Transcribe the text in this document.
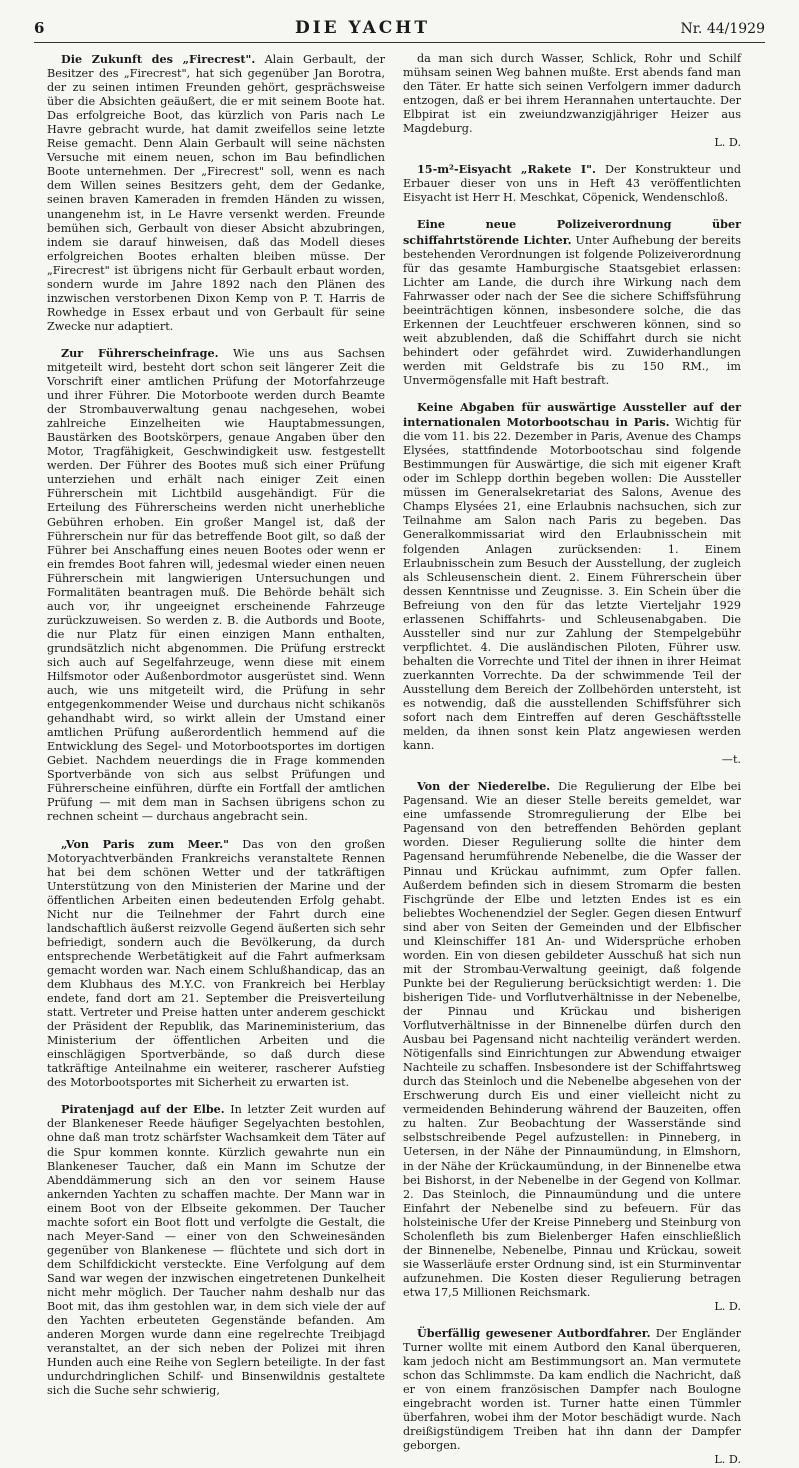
6	DIE YACHT	Nr. 44/1929

Die Zukunft des „Firecrest". Alain Gerbault, der Besitzer des „Firecrest", hat sich gegenüber Jan Borotra, der zu seinen intimen Freunden gehört, gesprächsweise über die Absichten geäußert, die er mit seinem Boote hat. Das erfolgreiche Boot, das kürzlich von Paris nach Le Havre gebracht wurde, hat damit zweifellos seine letzte Reise gemacht. Denn Alain Gerbault will seine nächsten Versuche mit einem neuen, schon im Bau befindlichen Boote unternehmen. Der „Firecrest" soll, wenn es nach dem Willen seines Besitzers geht, dem der Gedanke, seinen braven Kameraden in fremden Händen zu wissen, unangenehm ist, in Le Havre versenkt werden. Freunde bemühen sich, Gerbault von dieser Absicht abzubringen, indem sie darauf hinweisen, daß das Modell dieses erfolgreichen Bootes erhalten bleiben müsse. Der „Firecrest" ist übrigens nicht für Gerbault erbaut worden, sondern wurde im Jahre 1892 nach den Plänen des inzwischen verstorbenen Dixon Kemp von P. T. Harris de Rowhedge in Essex erbaut und von Gerbault für seine Zwecke nur adaptiert.

Zur Führerscheinfrage. Wie uns aus Sachsen mitgeteilt wird, besteht dort schon seit längerer Zeit die Vorschrift einer amtlichen Prüfung der Motorfahrzeuge und ihrer Führer. Die Motorboote werden durch Beamte der Strombauverwaltung genau nachgesehen, wobei zahlreiche Einzelheiten wie Hauptabmessungen, Baustärken des Bootskörpers, genaue Angaben über den Motor, Tragfähigkeit, Geschwindigkeit usw. festgestellt werden. Der Führer des Bootes muß sich einer Prüfung unterziehen und erhält nach einiger Zeit einen Führerschein mit Lichtbild ausgehändigt. Für die Erteilung des Führerscheins werden nicht unerhebliche Gebühren erhoben. Ein großer Mangel ist, daß der Führerschein nur für das betreffende Boot gilt, so daß der Führer bei Anschaffung eines neuen Bootes oder wenn er ein fremdes Boot fahren will, jedesmal wieder einen neuen Führerschein mit langwierigen Untersuchungen und Formalitäten beantragen muß. Die Behörde behält sich auch vor, ihr ungeeignet erscheinende Fahrzeuge zurückzuweisen. So werden z. B. die Autbords und Boote, die nur Platz für einen einzigen Mann enthalten, grundsätzlich nicht abgenommen. Die Prüfung erstreckt sich auch auf Segelfahrzeuge, wenn diese mit einem Hilfsmotor oder Außenbordmotor ausgerüstet sind. Wenn auch, wie uns mitgeteilt wird, die Prüfung in sehr entgegenkommender Weise und durchaus nicht schikanös gehandhabt wird, so wirkt allein der Umstand einer amtlichen Prüfung außerordentlich hemmend auf die Entwicklung des Segel- und Motorbootsportes im dortigen Gebiet. Nachdem neuerdings die in Frage kommenden Sportverbände von sich aus selbst Prüfungen und Führerscheine einführen, dürfte ein Fortfall der amtlichen Prüfung — mit dem man in Sachsen übrigens schon zu rechnen scheint — durchaus angebracht sein.

„Von Paris zum Meer." Das von den großen Motoryachtverbänden Frankreichs veranstaltete Rennen hat bei dem schönen Wetter und der tatkräftigen Unterstützung von den Ministerien der Marine und der öffentlichen Arbeiten einen bedeutenden Erfolg gehabt. Nicht nur die Teilnehmer der Fahrt durch eine landschaftlich äußerst reizvolle Gegend äußerten sich sehr befriedigt, sondern auch die Bevölkerung, da durch entsprechende Werbetätigkeit auf die Fahrt aufmerksam gemacht worden war. Nach einem Schlußhandicap, das an dem Klubhaus des M.Y.C. von Frankreich bei Herblay endete, fand dort am 21. September die Preisverteilung statt. Vertreter und Preise hatten unter anderem geschickt der Präsident der Republik, das Marineministerium, das Ministerium der öffentlichen Arbeiten und die einschlägigen Sportverbände, so daß durch diese tatkräftige Anteilnahme ein weiterer, rascherer Aufstieg des Motorbootsportes mit Sicherheit zu erwarten ist.

Piratenjagd auf der Elbe. In letzter Zeit wurden auf der Blankeneser Reede häufiger Segelyachten bestohlen, ohne daß man trotz schärfster Wachsamkeit dem Täter auf die Spur kommen konnte. Kürzlich gewahrte nun ein Blankeneser Taucher, daß ein Mann im Schutze der Abenddämmerung sich an den vor seinem Hause ankernden Yachten zu schaffen machte. Der Mann war in einem Boot von der Elbseite gekommen. Der Taucher machte sofort ein Boot flott und verfolgte die Gestalt, die nach Meyer-Sand — einer von den Schweinesänden gegenüber von Blankenese — flüchtete und sich dort in dem Schilfdickicht versteckte. Eine Verfolgung auf dem Sand war wegen der inzwischen eingetretenen Dunkelheit nicht mehr möglich. Der Taucher nahm deshalb nur das Boot mit, das ihm gestohlen war, in dem sich viele der auf den Yachten erbeuteten Gegenstände befanden. Am anderen Morgen wurde dann eine regelrechte Treibjagd veranstaltet, an der sich neben der Polizei mit ihren Hunden auch eine Reihe von Seglern beteiligte. In der fast undurchdringlichen Schilf- und Binsenwildnis gestaltete sich die Suche sehr schwierig,

da man sich durch Wasser, Schlick, Rohr und Schilf mühsam seinen Weg bahnen mußte. Erst abends fand man den Täter. Er hatte sich seinen Verfolgern immer dadurch entzogen, daß er bei ihrem Herannahen untertauchte. Der Elbpirat ist ein zweiundzwanzigjähriger Heizer aus Magdeburg.
L. D.

15-m²-Eisyacht „Rakete I". Der Konstrukteur und Erbauer dieser von uns in Heft 43 veröffentlichten Eisyacht ist Herr H. Meschkat, Cöpenick, Wendenschloß.

Eine neue Polizeiverordnung über schiffahrtstörende Lichter. Unter Aufhebung der bereits bestehenden Verordnungen ist folgende Polizeiverordnung für das gesamte Hamburgische Staatsgebiet erlassen: Lichter am Lande, die durch ihre Wirkung nach dem Fahrwasser oder nach der See die sichere Schiffsführung beeinträchtigen können, insbesondere solche, die das Erkennen der Leuchtfeuer erschweren können, sind so weit abzublenden, daß die Schiffahrt durch sie nicht behindert oder gefährdet wird. Zuwiderhandlungen werden mit Geldstrafe bis zu 150 RM., im Unvermögensfalle mit Haft bestraft.

Keine Abgaben für auswärtige Aussteller auf der internationalen Motorbootschau in Paris. Wichtig für die vom 11. bis 22. Dezember in Paris, Avenue des Champs Elysées, stattfindende Motorbootschau sind folgende Bestimmungen für Auswärtige, die sich mit eigener Kraft oder im Schlepp dorthin begeben wollen: Die Aussteller müssen im Generalsekretariat des Salons, Avenue des Champs Elysées 21, eine Erlaubnis nachsuchen, sich zur Teilnahme am Salon nach Paris zu begeben. Das Generalkommissariat wird den Erlaubnisschein mit folgenden Anlagen zurücksenden: 1. Einem Erlaubnisschein zum Besuch der Ausstellung, der zugleich als Schleusenschein dient. 2. Einem Führerschein über dessen Kenntnisse und Zeugnisse. 3. Ein Schein über die Befreiung von den für das letzte Vierteljahr 1929 erlassenen Schiffahrts- und Schleusenabgaben. Die Aussteller sind nur zur Zahlung der Stempelgebühr verpflichtet. 4. Die ausländischen Piloten, Führer usw. behalten die Vorrechte und Titel der ihnen in ihrer Heimat zuerkannten Vorrechte. Da der schwimmende Teil der Ausstellung dem Bereich der Zollbehörden untersteht, ist es notwendig, daß die ausstellenden Schiffsführer sich sofort nach dem Eintreffen auf deren Geschäftsstelle melden, da ihnen sonst kein Platz angewiesen werden kann.
—t.

Von der Niederelbe. Die Regulierung der Elbe bei Pagensand. Wie an dieser Stelle bereits gemeldet, war eine umfassende Stromregulierung der Elbe bei Pagensand von den betreffenden Behörden geplant worden. Dieser Regulierung sollte die hinter dem Pagensand herumführende Nebenelbe, die die Wasser der Pinnau und Krückau aufnimmt, zum Opfer fallen. Außerdem befinden sich in diesem Stromarm die besten Fischgründe der Elbe und letzten Endes ist es ein beliebtes Wochenendziel der Segler. Gegen diesen Entwurf sind aber von Seiten der Gemeinden und der Elbfischer und Kleinschiffer 181 An- und Widersprüche erhoben worden. Ein von diesen gebildeter Ausschuß hat sich nun mit der Strombau-Verwaltung geeinigt, daß folgende Punkte bei der Regulierung berücksichtigt werden: 1. Die bisherigen Tide- und Vorflutverhältnisse in der Nebenelbe, der Pinnau und Krückau und bisherigen Vorflutverhältnisse in der Binnenelbe dürfen durch den Ausbau bei Pagensand nicht nachteilig verändert werden. Nötigenfalls sind Einrichtungen zur Abwendung etwaiger Nachteile zu schaffen. Insbesondere ist der Schiffahrtsweg durch das Steinloch und die Nebenelbe abgesehen von der Erschwerung durch Eis und einer vielleicht nicht zu vermeidenden Behinderung während der Bauzeiten, offen zu halten. Zur Beobachtung der Wasserstände sind selbstschreibende Pegel aufzustellen: in Pinneberg, in Uetersen, in der Nähe der Pinnaumündung, in Elmshorn, in der Nähe der Krückaumündung, in der Binnenelbe etwa bei Bishorst, in der Nebenelbe in der Gegend von Kollmar. 2. Das Steinloch, die Pinnaumündung und die untere Einfahrt der Nebenelbe sind zu befeuern. Für das holsteinische Ufer der Kreise Pinneberg und Steinburg von Scholenfleth bis zum Bielenberger Hafen einschließlich der Binnenelbe, Nebenelbe, Pinnau und Krückau, soweit sie Wasserläufe erster Ordnung sind, ist ein Sturminventar aufzunehmen. Die Kosten dieser Regulierung betragen etwa 17,5 Millionen Reichsmark.
L. D.

Überfällig gewesener Autbordfahrer. Der Engländer Turner wollte mit einem Autbord den Kanal überqueren, kam jedoch nicht am Bestimmungsort an. Man vermutete schon das Schlimmste. Da kam endlich die Nachricht, daß er von einem französischen Dampfer nach Boulogne eingebracht worden ist. Turner hatte einen Tümmler überfahren, wobei ihm der Motor beschädigt wurde. Nach dreißigstündigem Treiben hat ihn dann der Dampfer geborgen.
L. D.
